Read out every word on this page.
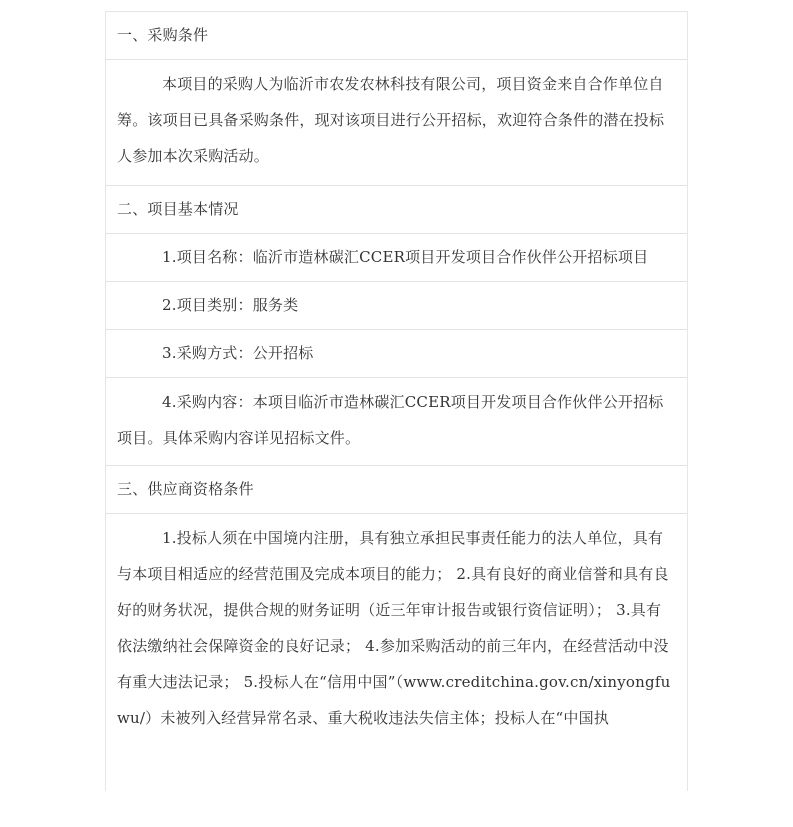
一、采购条件
本项目的采购人为临沂市农发农林科技有限公司，项目资金来自合作单位自筹。该项目已具备采购条件，现对该项目进行公开招标，欢迎符合条件的潜在投标人参加本次采购活动。
二、项目基本情况
1.项目名称：临沂市造林碳汇CCER项目开发项目合作伙伴公开招标项目
2.项目类别：服务类
3.采购方式：公开招标
4.采购内容：本项目临沂市造林碳汇CCER项目开发项目合作伙伴公开招标项目。具体采购内容详见招标文件。
三、供应商资格条件
1.投标人须在中国境内注册，具有独立承担民事责任能力的法人单位，具有与本项目相适应的经营范围及完成本项目的能力； 2.具有良好的商业信誉和具有良好的财务状况，提供合规的财务证明（近三年审计报告或银行资信证明）； 3.具有依法缴纳社会保障资金的良好记录； 4.参加采购活动的前三年内，在经营活动中没有重大违法记录； 5.投标人在“信用中国”（www.creditchina.gov.cn/xinyongfuwu/）未被列入经营异常名录、重大税收违法失信主体；投标人在“中国执
